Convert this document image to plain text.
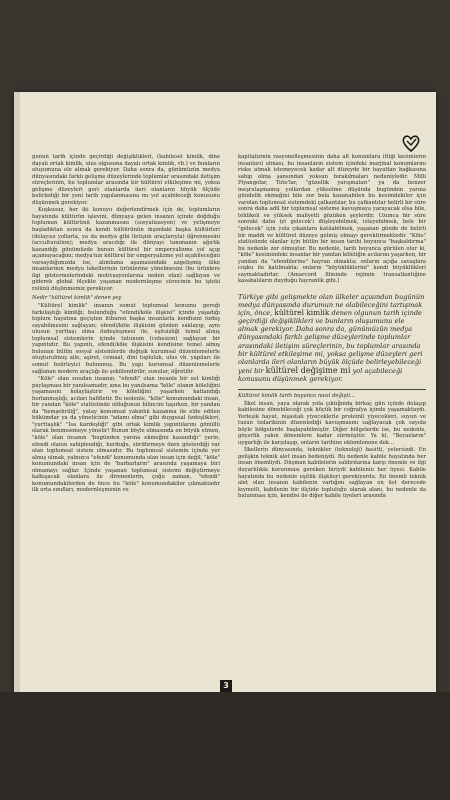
gunun tarih içinde geçirdiği değişiklikleri, (kabilesel kimlik, dine dayalı ortak kimlik, ulus olgusuna dayalı ortak kimlik, vb.) ve bunların oluşumuna ele almak gerekiyor. Daha sonra da, günümüzün medya dünyasındaki farklı gelişme düzeylerinde toplumlar arasındaki iletişim süreçlerinin, bu toplumlar arasında bir kültürel etkileşime mi, yoksa gelişme düzeyleri geri olanlarda ileri olanların büyük ölçüde belirlediği bir yeni tarih yapılanmasına mı yol açabileceği konusunu düşünmek gerekiyor.

Kuşkusuz, her iki konuyu değerlendirmek için de, toplumların hayatında kültürün işlevini, dünyaya gelen insanın içinde doğduğu toplumun kültürünü kazanmasını (sosyalizasyon) ve yetişmeye başladıktan sonra da kendi kültürünün dışındaki başka kültürleri (dolaysız yollarla, ya da medya gibi iletişim araçlarıyla) öğrenmesini (acculturation); medya aracılığı ile dünyayı tanımanın ağırlık kazandığı günümüzde bunun kültürel bir emperyalizme yol açıp açamayacağını; medya'nın kültürel bir emperyalizme yol açabileceğini varsaydığımızda ise, alımlama aşamasındaki azgelişmiş ülke insanlarının medya tekellerinin ürünlerine yönelmesini (bu ürünlere ilgi göstermelerindeki motivasyonlarına neden olan) sağlayan ve giderek global ölçekte yaşanan modernleşme sürecinin bu işteki rolünü düşünmemiz gerekiyor.

Nedir "kültürel kimlik" denen şey

"Kültürel kimlik" insanın somut toplumsal konumu gereği farkılaştığı kimliği; bulunduğu "efendi/köle ilişkisi" içinde yaşadığı toplum hayatına geçişten itibaren başka insanlarla kendisini özdeş sayabilmesini sağlayan; efendi/köle ilişkisini gözden saklayıp, aynı ulusun yurttaşı olma özdeşleşmesi ile, eşitsizliği temel alınış toplumsal sistemlerin içinde tutunum (cohesion) sağlayan bir yapıntıdır. Bu yapıntı, efendi/köle ilişkisini kendisine temel almış bulunan bütün sosyal sistemlerde değişik kurumsal düzenlemelerle oluşturulmuş aile, aşiret, cemaat, dini topluluk, ulus vb. yapıları ile somut belirleyici bulunmuş. Bu yapı kurumsal düzenlemelerle sağlanan modern araçlığı ile şekillendirilir, sunulur, öğretilir.

"Köle" olan sıradan insanın, "efendi" olan insanla bir ust kimliği paylaşması bir yanılsamadır, ama bu yanılsama "köle" olanın köleliğini yaşamasını kolaylaştırır ve köleliğini yaşarken katlandığı horlanmışlığı, acıları hafifletir. Bu nedenle, "köle" konumundaki insan, bir yandan "köle" statüsünde olduğunun bilincini taşırken, bir yandan da "hemşehriliğ", yatay konumsal yakınlık kazanma ile elde edilen hükümdar ya da yöneticinin "adamı olma" gibi duygusal özdeşlikleri, "yurttaşlık" "İsa kardeşliği" gibi ortak kimlik yapıntılarını gönüllü olarak benimsemeye yönelir! Bunun böyle olmasında en büyük etmen, "köle" olan insanın "bugünden yarına ekmeğini kazandığı" yerin, efendi olanın sahiplendiği, kurduğu, sürdürmeye özen gösterdiği var olan toplumsal sistem olmasıdır. Bu toplumsal sistemin içinde yer almış olmak, yalnızca "efendi" konumunda olan insan için değil, "köle" konumundaki insan için de "barbarların" arasında yaşamaya biri olmamayı sağlar. İçinde yaşanan toplumsal sistemi değiştirmeye kalkışacak olanlara ile direnenlerin, çoğu zaman, "efendi" konumundakilerden de önce bu "köle" konumundakiler çıkmaktadır ilk orta sınıfları, modernleşmenin ve

kapitalizmin rasyonelleşmesinin daha alt konumlara ittiği kesimlerin insanları) olması, bu insanların sistem içindeki marjinal konumlarını riske atmak istemeyecek kadar alt düzeyde bir hayattan bağkasına sahip olma şansından yoksun bırakılmaları nedeniyledir. Milli Piyangolar, Toto'lar, "güzellik yarışmaları" ya da benzer meşrulaşmamış yollardan yükselme düşünda bugünden yarına gündelik ekmeğini bile zor bela kazanabilen bu kesimdekiler için varolan toplumsal sistemdeki çalkantılar, bu çalkantılar belirli bir süre sonra daha adil bir toplumsal sisteme kavuşmaya yarayacak olsa bile, tehlikeli ve yüksek maliyetli gözüken şeylerdir. Uzunca bir süre sonraki daha iyi gelecek'i düşleyebilmek, isteyebilmek, hele bir "gelecek" için yola çıkanlara katılabilmek, yaşanan günde de belirli bir maddi ve kültürel düzeye gelmiş olmayı gerektirmektedir. "Köle" statüsünde olanlar için bütün bir insan tarihi boyunca "başkaldırma" bu nedenle zor olmuştur. Bu nedenle, tarih boyunca görülen olur ki, "köle" kesimindeki insanlar bir yandan köleliğin acılarını yaşarken, bir yandan da "efendilerine" hayran olmakta; onların açığa savaşlara coşku ile katılmakta; onların "büyüklüklerini" kendi büyüklükleri saymaktadırlar. (Amarcord filminde rejimin transatlantiğine kasabalıların duyduğu hayranlık gibi.)

Türkiye gibi gelişmekte olan ülkeler açısından bugünün medya dünyasında durumun ne olabileceğini tartışmak için, önce, kültürel kimlik denen olgunun tarih içinde geçirdiği değişiklikleri ve bunların oluşumunu ele almak gerekiyor. Daha sonra da, günümüzün medya dünyasındaki farklı gelişme düzeylerinde toplumlar arasındaki iletişim süreçlerinin, bu toplumlar arasında bir kültürel etkileşime mi, yoksa gelişme düzeyleri geri olanlarda ileri olanların büyük ölçüde belirleyebileceği yeni bir kültürel değişime mi yol açabileceği konusunu düşünmek gerekiyor.
Kültürel kimlik tarih boyunca nasıl değişti...

İlkel insan, yaya olarak yola çıktığında birkaç gün içinde dolaşıp kabilesine dönebileceği çok küçük bir coğrafya içinde yaşamaktaydı. Yerleşik hayat, nişastalı yiyeceklerle proteinli yiyecekleri, suyun ve tuzun tedarikinin düzenlediği kavuşmasını sağlayacak çok sayıda böyle bölgelerde başlayabilmiştir. Diğer bölgelerde ise, bu nedenle, göçerlik yakın dönemlere kadar sürmüştür. Ya ki, "Beyazların" uygarlığı ile karşılaşıp, onların tarihine eklemlenene dek...

İlkellerin dünyasında, teknikler (teknoloji) basitti, yetersizdi. En gelişkin teknik alet insan bedeniydi. Bu nedenle kabile hayatında her insan önemliydi. Düşman kabilelerin saldırılarına karşı önemle ve ilgi duyarlılıkla korunması gereken biriydi kabilenin her üyesi. Kabile hayatında bu nedenle eşitlik ilişkileri gerekiyordu. En önemli teknik alet olan insanın kabilenin varlığını sağlayan en üst derecede kıymetli, kabilenin bir ölçüde topluluğu olarak alanı, bu nedenle da bulunması için, kendisi ile diğer kabile üyeleri arasında

3
